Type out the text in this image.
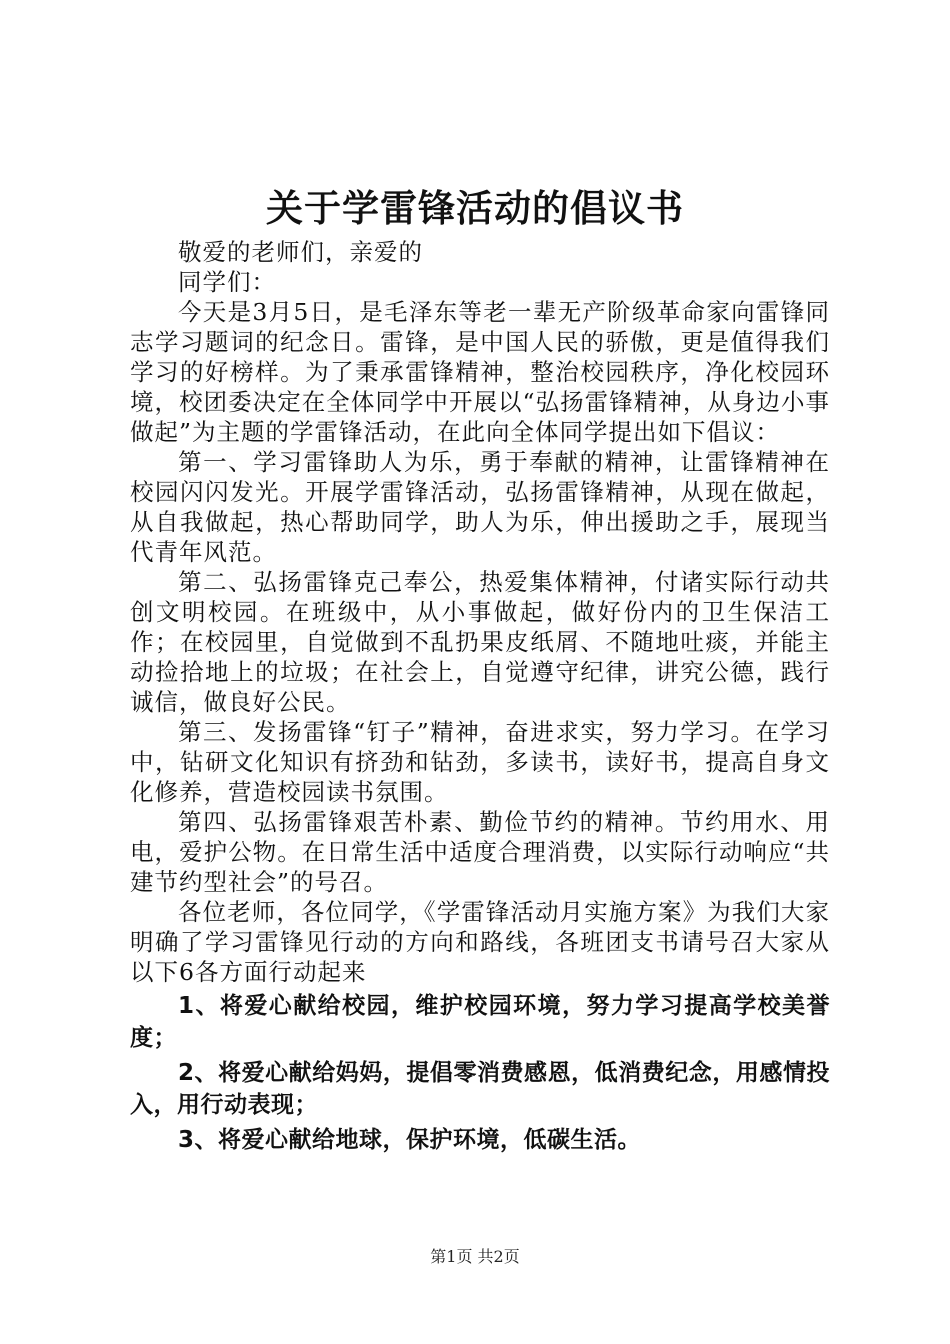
关于学雷锋活动的倡议书

敬爱的老师们，亲爱的

同学们：

今天是3月5日，是毛泽东等老一辈无产阶级革命家向雷锋同志学习题词的纪念日。雷锋，是中国人民的骄傲，更是值得我们学习的好榜样。为了秉承雷锋精神，整治校园秩序，净化校园环境，校团委决定在全体同学中开展以“弘扬雷锋精神，从身边小事做起”为主题的学雷锋活动，在此向全体同学提出如下倡议：

第一、学习雷锋助人为乐，勇于奉献的精神，让雷锋精神在校园闪闪发光。开展学雷锋活动，弘扬雷锋精神，从现在做起，从自我做起，热心帮助同学，助人为乐，伸出援助之手，展现当代青年风范。

第二、弘扬雷锋克己奉公，热爱集体精神，付诸实际行动共创文明校园。在班级中，从小事做起，做好份内的卫生保洁工作；在校园里，自觉做到不乱扔果皮纸屑、不随地吐痰，并能主动捡拾地上的垃圾；在社会上，自觉遵守纪律，讲究公德，践行诚信，做良好公民。

第三、发扬雷锋“钉子”精神，奋进求实，努力学习。在学习中，钻研文化知识有挤劲和钻劲，多读书，读好书，提高自身文化修养，营造校园读书氛围。

第四、弘扬雷锋艰苦朴素、勤俭节约的精神。节约用水、用电，爱护公物。在日常生活中适度合理消费，以实际行动响应“共建节约型社会”的号召。

各位老师，各位同学，《学雷锋活动月实施方案》为我们大家明确了学习雷锋见行动的方向和路线，各班团支书请号召大家从以下6各方面行动起来

1、将爱心献给校园，维护校园环境，努力学习提高学校美誉度；

2、将爱心献给妈妈，提倡零消费感恩，低消费纪念，用感情投入，用行动表现；

3、将爱心献给地球，保护环境，低碳生活。

第1页 共2页
